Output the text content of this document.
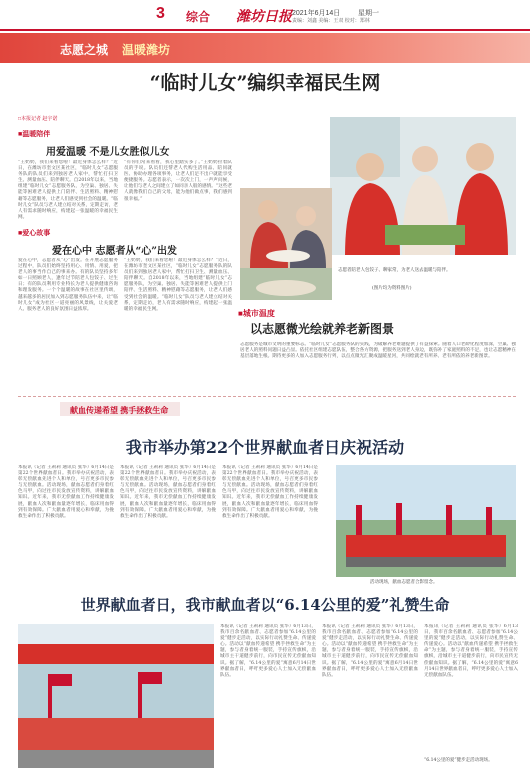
3 综合 潍坊日报 2021年6月14日	星期一
责编：刘鑫 美编：王双 校对：郑林
志愿之城 温暖潍坊
“临时儿女”编织幸福民生网
□本报记者 赵宇诺
■温暖陪伴
用爱温暖 不是儿女胜似儿女
“王奶奶，我们来看您啦！最近身体怎么样？”近日，在潍坊市奎文区某社区，“临时儿女”志愿服务队的队员们来到独居老人家中，帮忙打扫卫生、测量血压、陪伴聊天。自2018年以来，当地组建“临时儿女”志愿服务队，为空巢、独居、失能等困难老人提供上门陪伴、生活照料、精神慰藉等志愿服务，让老人们感受到社会的温暖。“临时儿女”队员与老人建立结对关系，定期走访，老人有需求随时响应，构建起一张温暖的幸福民生网。
“有你们常来看看，我心里踏实多了。”王奶奶拉着队员的手说。队员们还帮老人代购生活用品、陪同就医、协助办理各项事务，让老人们足不出户就能享受便捷服务。志愿者表示，一次次上门，一声声问候，让他们与老人之间建立了如同亲人般的感情。“这些老人就像我们自己的父母，能为他们做点事，我们感到很幸福。”
■爱心故事
爱在心中 志愿者从“心”出发
爱在心中，志愿者从“心”出发。在开展志愿服务过程中，队员们始终坚持用心、用情、用爱，把老人的事当作自己的事来办。有的队员坚持多年如一日照顾老人，逢年过节陪老人包饺子、过生日；有的队员利用专业特长为老人提供健康咨询和理发服务。一个个温暖的故事在社区里传颂，越来越多的居民加入到志愿服务队伍中来，让“临时儿女”成为社区一道亮丽的风景线，让关爱老人、服务老人的良好氛围日益浓厚。
“王奶奶，我们来看您啦！最近身体怎么样？”近日，在潍坊市奎文区某社区，“临时儿女”志愿服务队的队员们来到独居老人家中，帮忙打扫卫生、测量血压、陪伴聊天。自2018年以来，当地组建“临时儿女”志愿服务队，为空巢、独居、失能等困难老人提供上门陪伴、生活照料、精神慰藉等志愿服务，让老人们感受到社会的温暖。“临时儿女”队员与老人建立结对关系，定期走访，老人有需求随时响应，构建起一张温暖的幸福民生网。
志愿者陪老人包饺子、聊家常，为老人送去温暖与陪伴。
(图片均为资料图片)
■城市温度
以志愿微光绘就养老新图景
志愿服务是城市文明的重要标志。“临时儿女”志愿服务队的实践，为破解养老难题提供了有益探索。随着人口老龄化程度加深，空巢、独居老人的照料问题日益凸显。依托社区组建志愿队伍，整合各方资源，把服务送到老人身边，既弥补了家庭照料的不足，也让志愿精神在基层落地生根。期待更多的人加入志愿服务行列，以点点微光汇聚成温暖星河，共同绘就老有所养、老有所依的养老新图景。
献血传递希望 携手拯救生命
我市举办第22个世界献血者日庆祝活动
本报讯（记者 王莉莉 通讯员 张华）6月14日是第22个世界献血者日。我市举办庆祝活动，表彰无偿献血先进个人和单位，号召更多市民参与无偿献血。活动现场，献血志愿者们身着红色马甲，向过往市民发放宣传资料，讲解献血知识。近年来，我市无偿献血工作持续健康发展，献血人次和献血量逐年增长，临床用血得到有效保障。广大献血者用爱心和奉献，为挽救生命作出了积极贡献。
本报讯（记者 王莉莉 通讯员 张华）6月14日是第22个世界献血者日。我市举办庆祝活动，表彰无偿献血先进个人和单位，号召更多市民参与无偿献血。活动现场，献血志愿者们身着红色马甲，向过往市民发放宣传资料，讲解献血知识。近年来，我市无偿献血工作持续健康发展，献血人次和献血量逐年增长，临床用血得到有效保障。广大献血者用爱心和奉献，为挽救生命作出了积极贡献。
本报讯（记者 王莉莉 通讯员 张华）6月14日是第22个世界献血者日。我市举办庆祝活动，表彰无偿献血先进个人和单位，号召更多市民参与无偿献血。活动现场，献血志愿者们身着红色马甲，向过往市民发放宣传资料，讲解献血知识。近年来，我市无偿献血工作持续健康发展，献血人次和献血量逐年增长，临床用血得到有效保障。广大献血者用爱心和奉献，为挽救生命作出了积极贡献。
活动现场，献血志愿者合影留念。
世界献血者日，我市献血者以“6.14公里的爱”礼赞生命
本报讯（记者 王莉莉 通讯员 张华）6月13日，我市百余名献血者、志愿者参加“6.14公里的爱”健步走活动，以实际行动礼赞生命、传递爱心。活动以“献血传递希望 携手拯救生命”为主题，参与者身着统一服装，手持宣传旗帜，沿城市主干道健步前行，向市民宣传无偿献血知识。据了解，“6.14公里的爱”寓意6月14日世界献血者日，呼吁更多爱心人士加入无偿献血队伍。
本报讯（记者 王莉莉 通讯员 张华）6月13日，我市百余名献血者、志愿者参加“6.14公里的爱”健步走活动，以实际行动礼赞生命、传递爱心。活动以“献血传递希望 携手拯救生命”为主题，参与者身着统一服装，手持宣传旗帜，沿城市主干道健步前行，向市民宣传无偿献血知识。据了解，“6.14公里的爱”寓意6月14日世界献血者日，呼吁更多爱心人士加入无偿献血队伍。
本报讯（记者 王莉莉 通讯员 张华）6月13日，我市百余名献血者、志愿者参加“6.14公里的爱”健步走活动，以实际行动礼赞生命、传递爱心。活动以“献血传递希望 携手拯救生命”为主题，参与者身着统一服装，手持宣传旗帜，沿城市主干道健步前行，向市民宣传无偿献血知识。据了解，“6.14公里的爱”寓意6月14日世界献血者日，呼吁更多爱心人士加入无偿献血队伍。
“6.14公里的爱”健步走活动现场。
